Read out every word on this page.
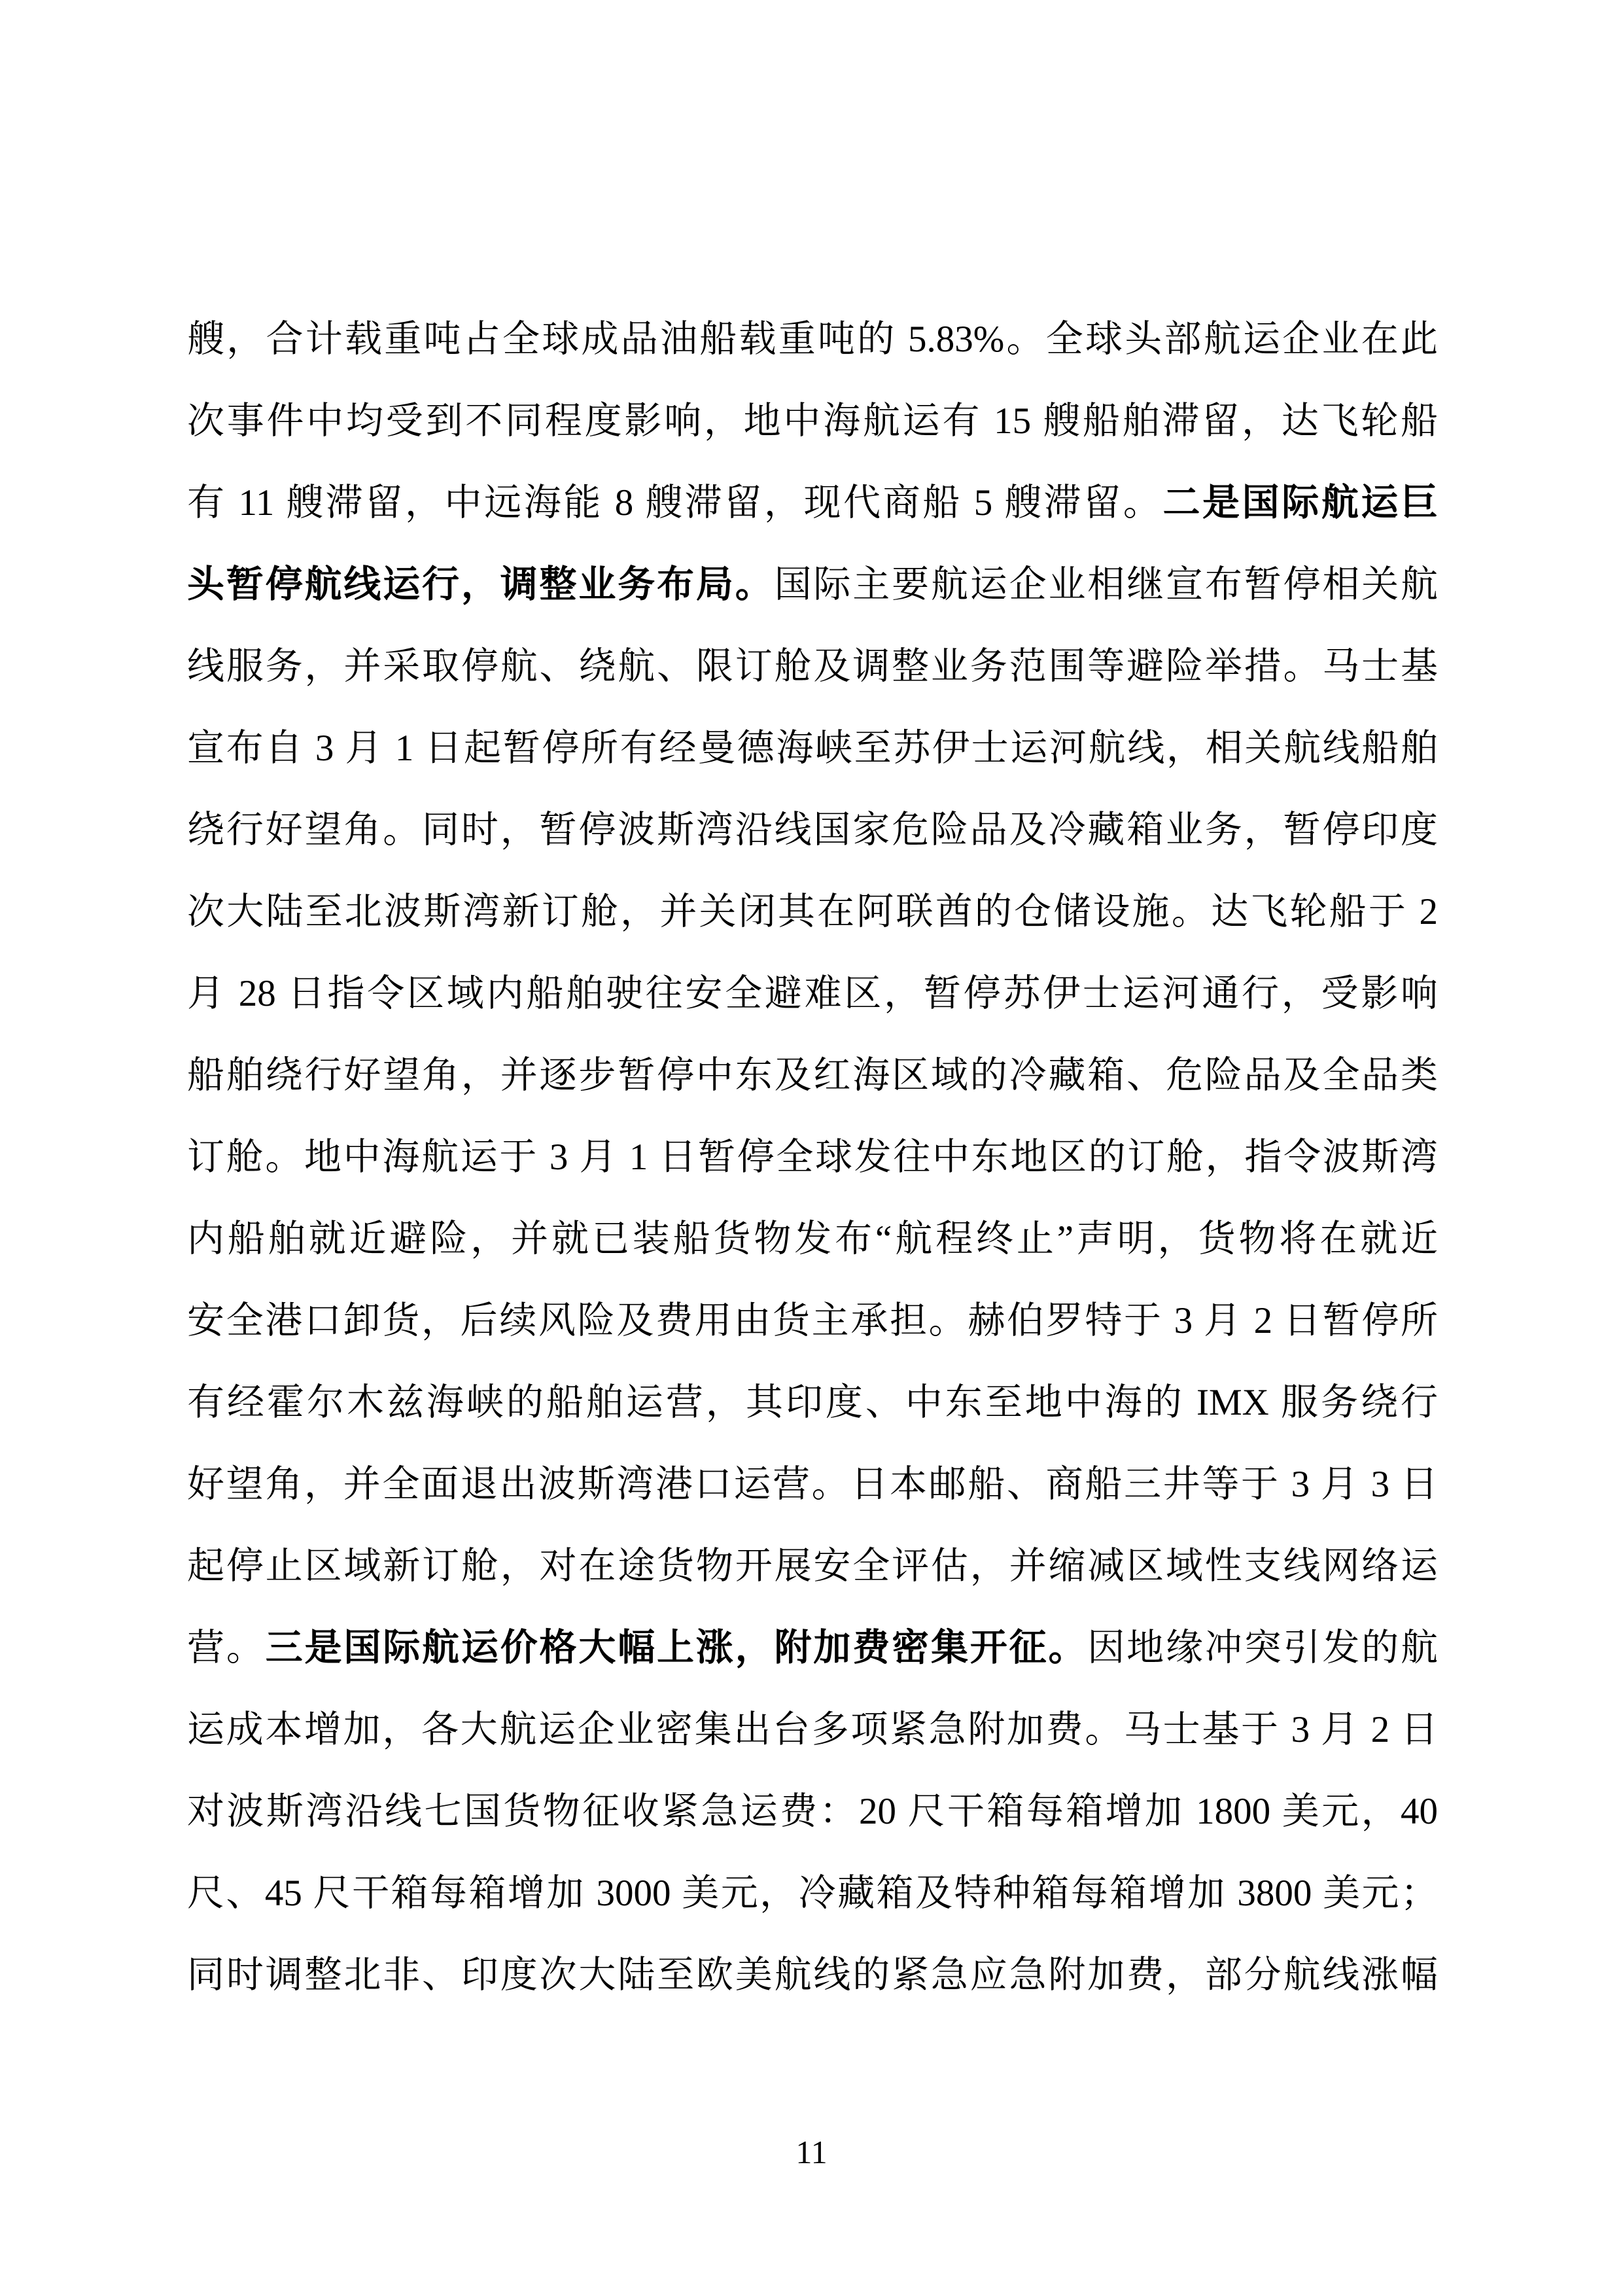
艘，合计载重吨占全球成品油船载重吨的 5.83%。全球头部航运企业在此
次事件中均受到不同程度影响，地中海航运有 15 艘船舶滞留，达飞轮船
有 11 艘滞留，中远海能 8 艘滞留，现代商船 5 艘滞留。二是国际航运巨
头暂停航线运行，调整业务布局。国际主要航运企业相继宣布暂停相关航
线服务，并采取停航、绕航、限订舱及调整业务范围等避险举措。马士基
宣布自 3 月 1 日起暂停所有经曼德海峡至苏伊士运河航线，相关航线船舶
绕行好望角。同时，暂停波斯湾沿线国家危险品及冷藏箱业务，暂停印度
次大陆至北波斯湾新订舱，并关闭其在阿联酋的仓储设施。达飞轮船于 2
月 28 日指令区域内船舶驶往安全避难区，暂停苏伊士运河通行，受影响
船舶绕行好望角，并逐步暂停中东及红海区域的冷藏箱、危险品及全品类
订舱。地中海航运于 3 月 1 日暂停全球发往中东地区的订舱，指令波斯湾
内船舶就近避险，并就已装船货物发布“航程终止”声明，货物将在就近
安全港口卸货，后续风险及费用由货主承担。赫伯罗特于 3 月 2 日暂停所
有经霍尔木兹海峡的船舶运营，其印度、中东至地中海的 IMX 服务绕行
好望角，并全面退出波斯湾港口运营。日本邮船、商船三井等于 3 月 3 日
起停止区域新订舱，对在途货物开展安全评估，并缩减区域性支线网络运
营。三是国际航运价格大幅上涨，附加费密集开征。因地缘冲突引发的航
运成本增加，各大航运企业密集出台多项紧急附加费。马士基于 3 月 2 日
对波斯湾沿线七国货物征收紧急运费：20 尺干箱每箱增加 1800 美元，40
尺、45 尺干箱每箱增加 3000 美元，冷藏箱及特种箱每箱增加 3800 美元；
同时调整北非、印度次大陆至欧美航线的紧急应急附加费，部分航线涨幅
11
